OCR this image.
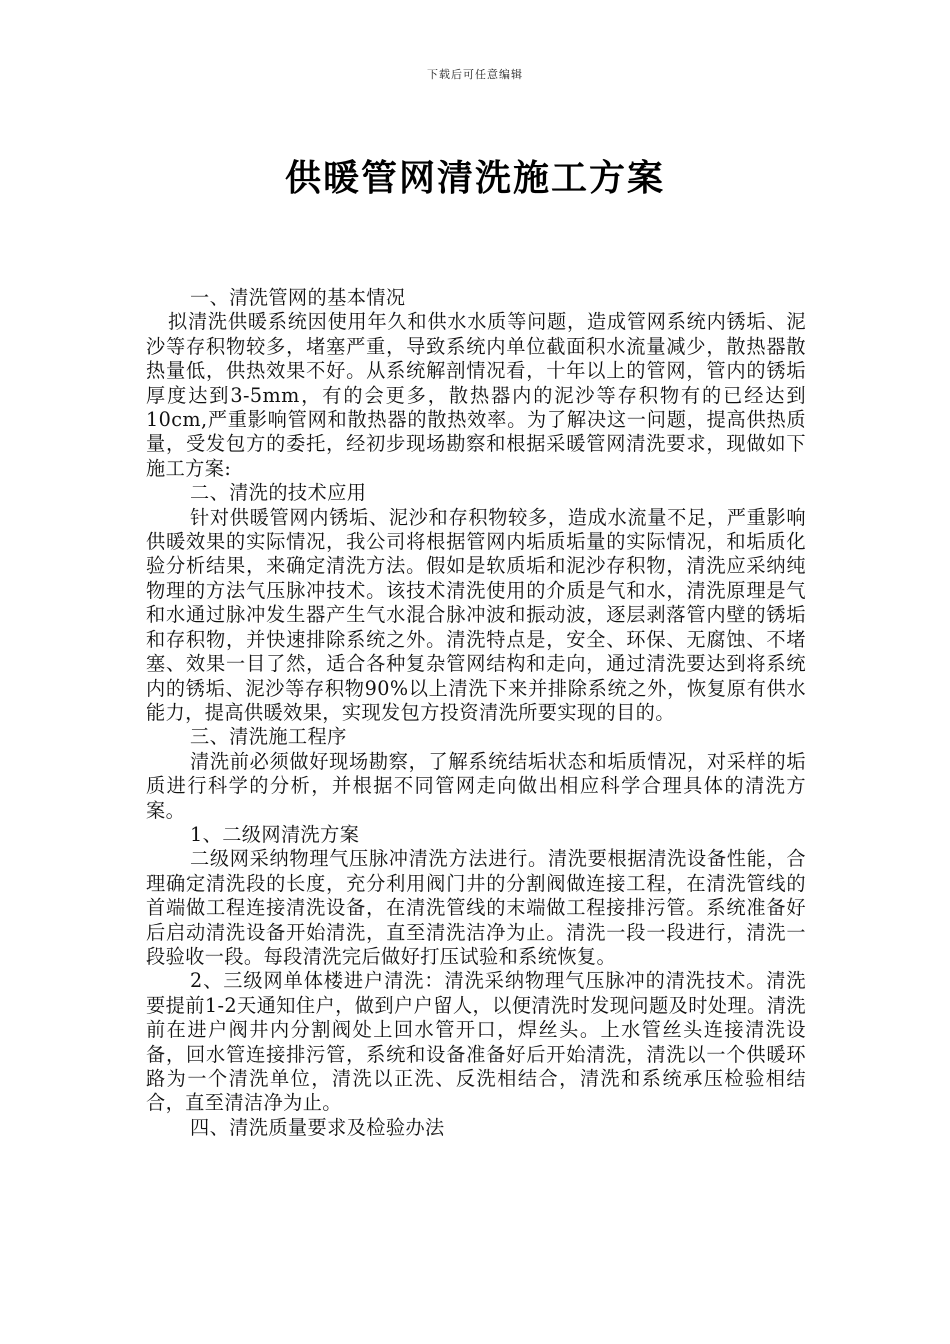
下载后可任意编辑
供暖管网清洗施工方案
一、清洗管网的基本情况

拟清洗供暖系统因使用年久和供水水质等问题，造成管网系统内锈垢、泥沙等存积物较多，堵塞严重，导致系统内单位截面积水流量减少，散热器散热量低，供热效果不好。从系统解剖情况看，十年以上的管网，管内的锈垢厚度达到3-5mm，有的会更多，散热器内的泥沙等存积物有的已经达到10cm,严重影响管网和散热器的散热效率。为了解决这一问题，提高供热质量，受发包方的委托，经初步现场勘察和根据采暖管网清洗要求，现做如下施工方案:

二、清洗的技术应用

针对供暖管网内锈垢、泥沙和存积物较多，造成水流量不足，严重影响供暖效果的实际情况，我公司将根据管网内垢质垢量的实际情况，和垢质化验分析结果，来确定清洗方法。假如是软质垢和泥沙存积物，清洗应采纳纯物理的方法气压脉冲技术。该技术清洗使用的介质是气和水，清洗原理是气和水通过脉冲发生器产生气水混合脉冲波和振动波，逐层剥落管内壁的锈垢和存积物，并快速排除系统之外。清洗特点是，安全、环保、无腐蚀、不堵塞、效果一目了然，适合各种复杂管网结构和走向，通过清洗要达到将系统内的锈垢、泥沙等存积物90%以上清洗下来并排除系统之外，恢复原有供水能力，提高供暖效果，实现发包方投资清洗所要实现的目的。

三、清洗施工程序

清洗前必须做好现场勘察，了解系统结垢状态和垢质情况，对采样的垢质进行科学的分析，并根据不同管网走向做出相应科学合理具体的清洗方案。

1、二级网清洗方案

二级网采纳物理气压脉冲清洗方法进行。清洗要根据清洗设备性能，合理确定清洗段的长度，充分利用阀门井的分割阀做连接工程，在清洗管线的首端做工程连接清洗设备，在清洗管线的末端做工程接排污管。系统准备好后启动清洗设备开始清洗，直至清洗洁净为止。清洗一段一段进行，清洗一段验收一段。每段清洗完后做好打压试验和系统恢复。

2、三级网单体楼进户清洗：清洗采纳物理气压脉冲的清洗技术。清洗要提前1-2天通知住户，做到户户留人，以便清洗时发现问题及时处理。清洗前在进户阀井内分割阀处上回水管开口，焊丝头。上水管丝头连接清洗设备，回水管连接排污管，系统和设备准备好后开始清洗，清洗以一个供暖环路为一个清洗单位，清洗以正洗、反洗相结合，清洗和系统承压检验相结合，直至清洁净为止。

四、清洗质量要求及检验办法
